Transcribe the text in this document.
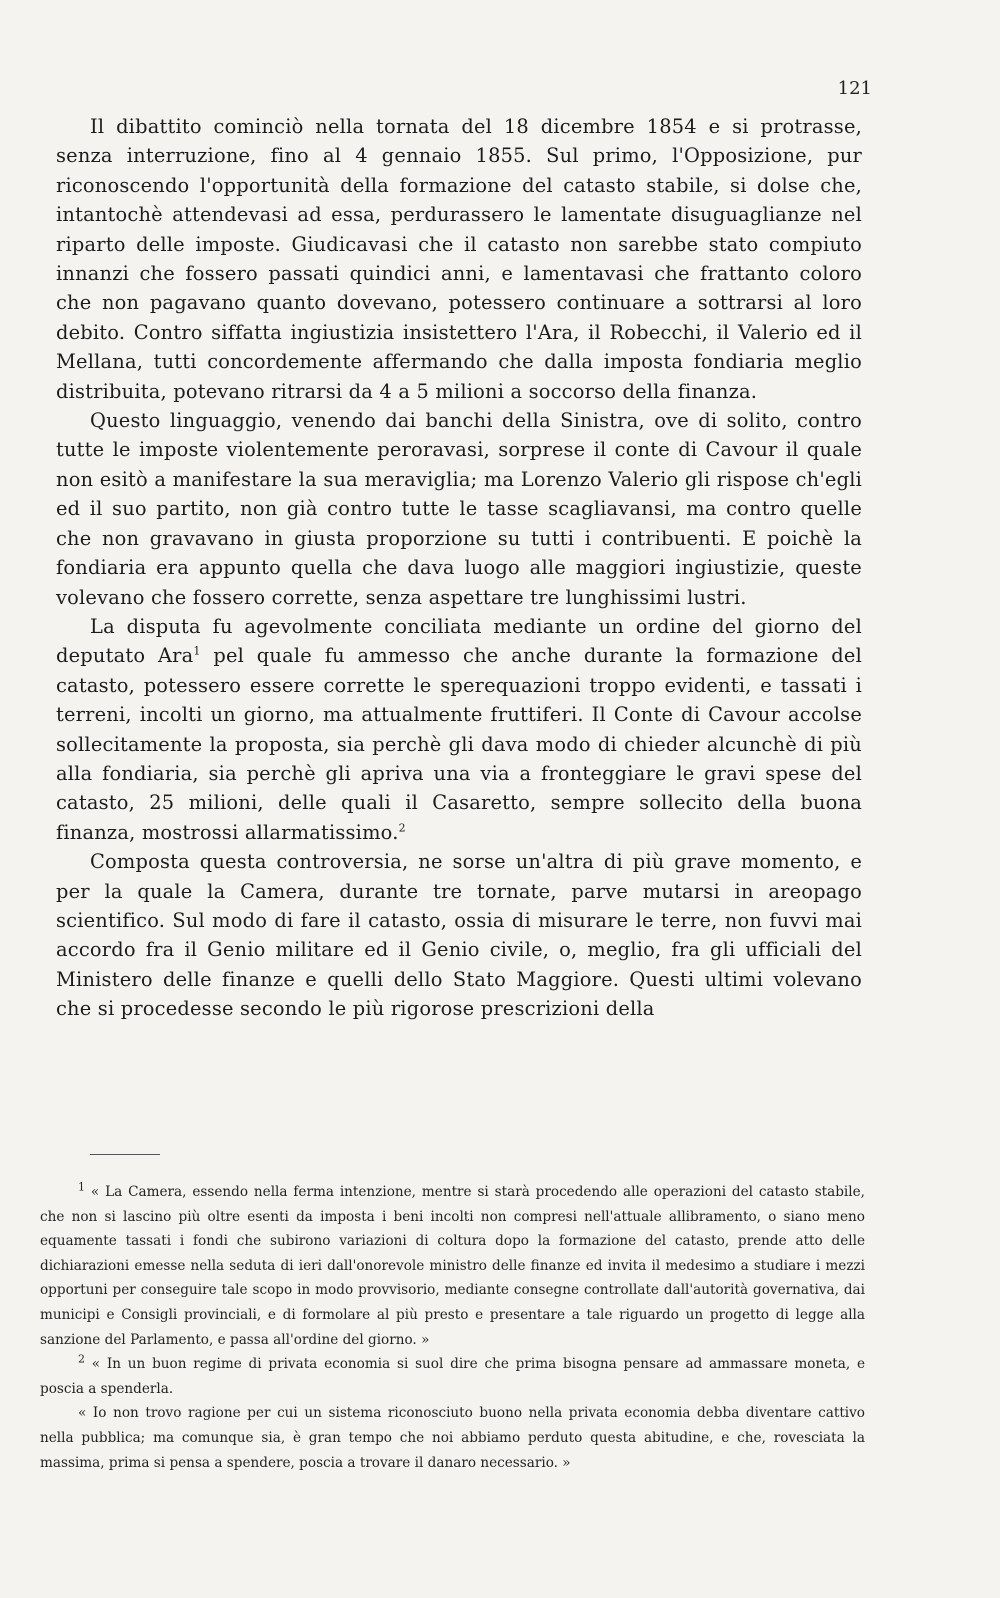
121

Il dibattito cominciò nella tornata del 18 dicembre 1854 e si protrasse, senza interruzione, fino al 4 gennaio 1855. Sul primo, l'Opposizione, pur riconoscendo l'opportunità della formazione del catasto stabile, si dolse che, intantochè attendevasi ad essa, perdurassero le lamentate disuguaglianze nel riparto delle imposte. Giudicavasi che il catasto non sarebbe stato compiuto innanzi che fossero passati quindici anni, e lamentavasi che frattanto coloro che non pagavano quanto dovevano, potessero continuare a sottrarsi al loro debito. Contro siffatta ingiustizia insistettero l'Ara, il Robecchi, il Valerio ed il Mellana, tutti concordemente affermando che dalla imposta fondiaria meglio distribuita, potevano ritrarsi da 4 a 5 milioni a soccorso della finanza.

Questo linguaggio, venendo dai banchi della Sinistra, ove di solito, contro tutte le imposte violentemente peroravasi, sorprese il conte di Cavour il quale non esitò a manifestare la sua meraviglia; ma Lorenzo Valerio gli rispose ch'egli ed il suo partito, non già contro tutte le tasse scagliavansi, ma contro quelle che non gravavano in giusta proporzione su tutti i contribuenti. E poichè la fondiaria era appunto quella che dava luogo alle maggiori ingiustizie, queste volevano che fossero corrette, senza aspettare tre lunghissimi lustri.

La disputa fu agevolmente conciliata mediante un ordine del giorno del deputato Ara$^1$ pel quale fu ammesso che anche durante la formazione del catasto, potessero essere corrette le sperequazioni troppo evidenti, e tassati i terreni, incolti un giorno, ma attualmente fruttiferi. Il Conte di Cavour accolse sollecitamente la proposta, sia perchè gli dava modo di chieder alcunchè di più alla fondiaria, sia perchè gli apriva una via a fronteggiare le gravi spese del catasto, 25 milioni, delle quali il Casaretto, sempre sollecito della buona finanza, mostrossi allarmatissimo.$^2$

Composta questa controversia, ne sorse un'altra di più grave momento, e per la quale la Camera, durante tre tornate, parve mutarsi in areopago scientifico. Sul modo di fare il catasto, ossia di misurare le terre, non fuvvi mai accordo fra il Genio militare ed il Genio civile, o, meglio, fra gli ufficiali del Ministero delle finanze e quelli dello Stato Maggiore. Questi ultimi volevano che si procedesse secondo le più rigorose prescrizioni della

$^1$ « La Camera, essendo nella ferma intenzione, mentre si starà procedendo alle operazioni del catasto stabile, che non si lascino più oltre esenti da imposta i beni incolti non compresi nell'attuale allibramento, o siano meno equamente tassati i fondi che subirono variazioni di coltura dopo la formazione del catasto, prende atto delle dichiarazioni emesse nella seduta di ieri dall'onorevole ministro delle finanze ed invita il medesimo a studiare i mezzi opportuni per conseguire tale scopo in modo provvisorio, mediante consegne controllate dall'autorità governativa, dai municipi e Consigli provinciali, e di formolare al più presto e presentare a tale riguardo un progetto di legge alla sanzione del Parlamento, e passa all'ordine del giorno. »

$^2$ « In un buon regime di privata economia si suol dire che prima bisogna pensare ad ammassare moneta, e poscia a spenderla.

« Io non trovo ragione per cui un sistema riconosciuto buono nella privata economia debba diventare cattivo nella pubblica; ma comunque sia, è gran tempo che noi abbiamo perduto questa abitudine, e che, rovesciata la massima, prima si pensa a spendere, poscia a trovare il danaro necessario. »
